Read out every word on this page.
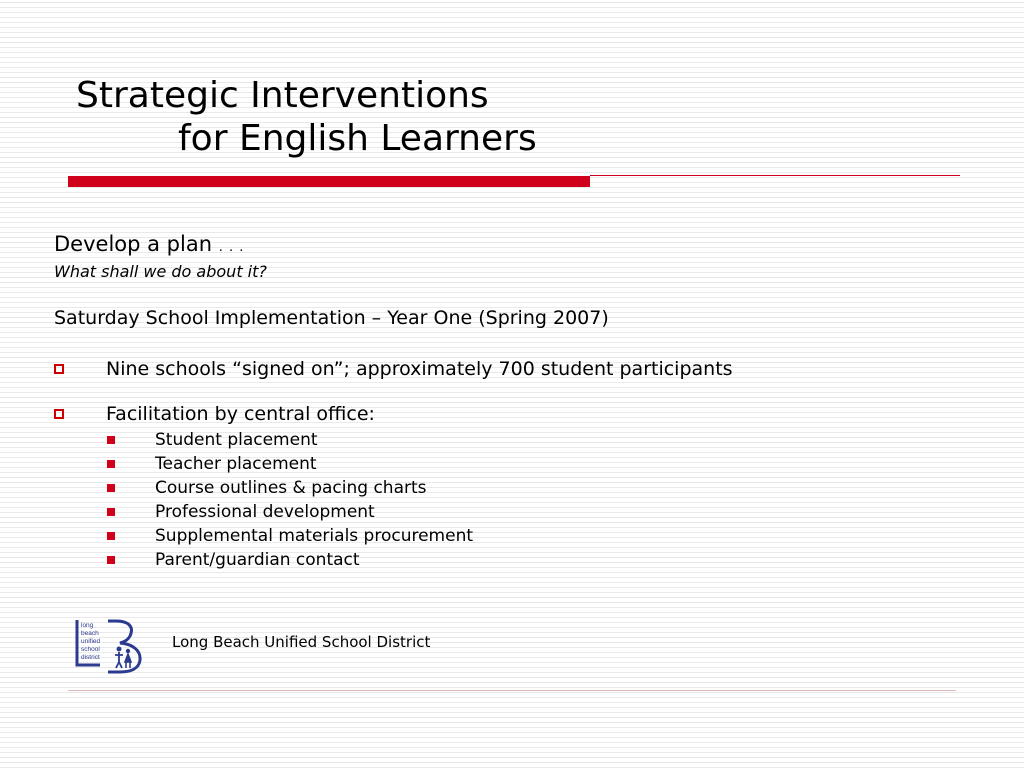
Strategic Interventions
for English Learners
Develop a plan . . .
What shall we do about it?
Saturday School Implementation – Year One (Spring 2007)
Nine schools “signed on”; approximately 700 student participants
Facilitation by central office:
Student placement
Teacher placement
Course outlines & pacing charts
Professional development
Supplemental materials procurement
Parent/guardian contact
long
beach
unified
school
district
Long Beach Unified School District
